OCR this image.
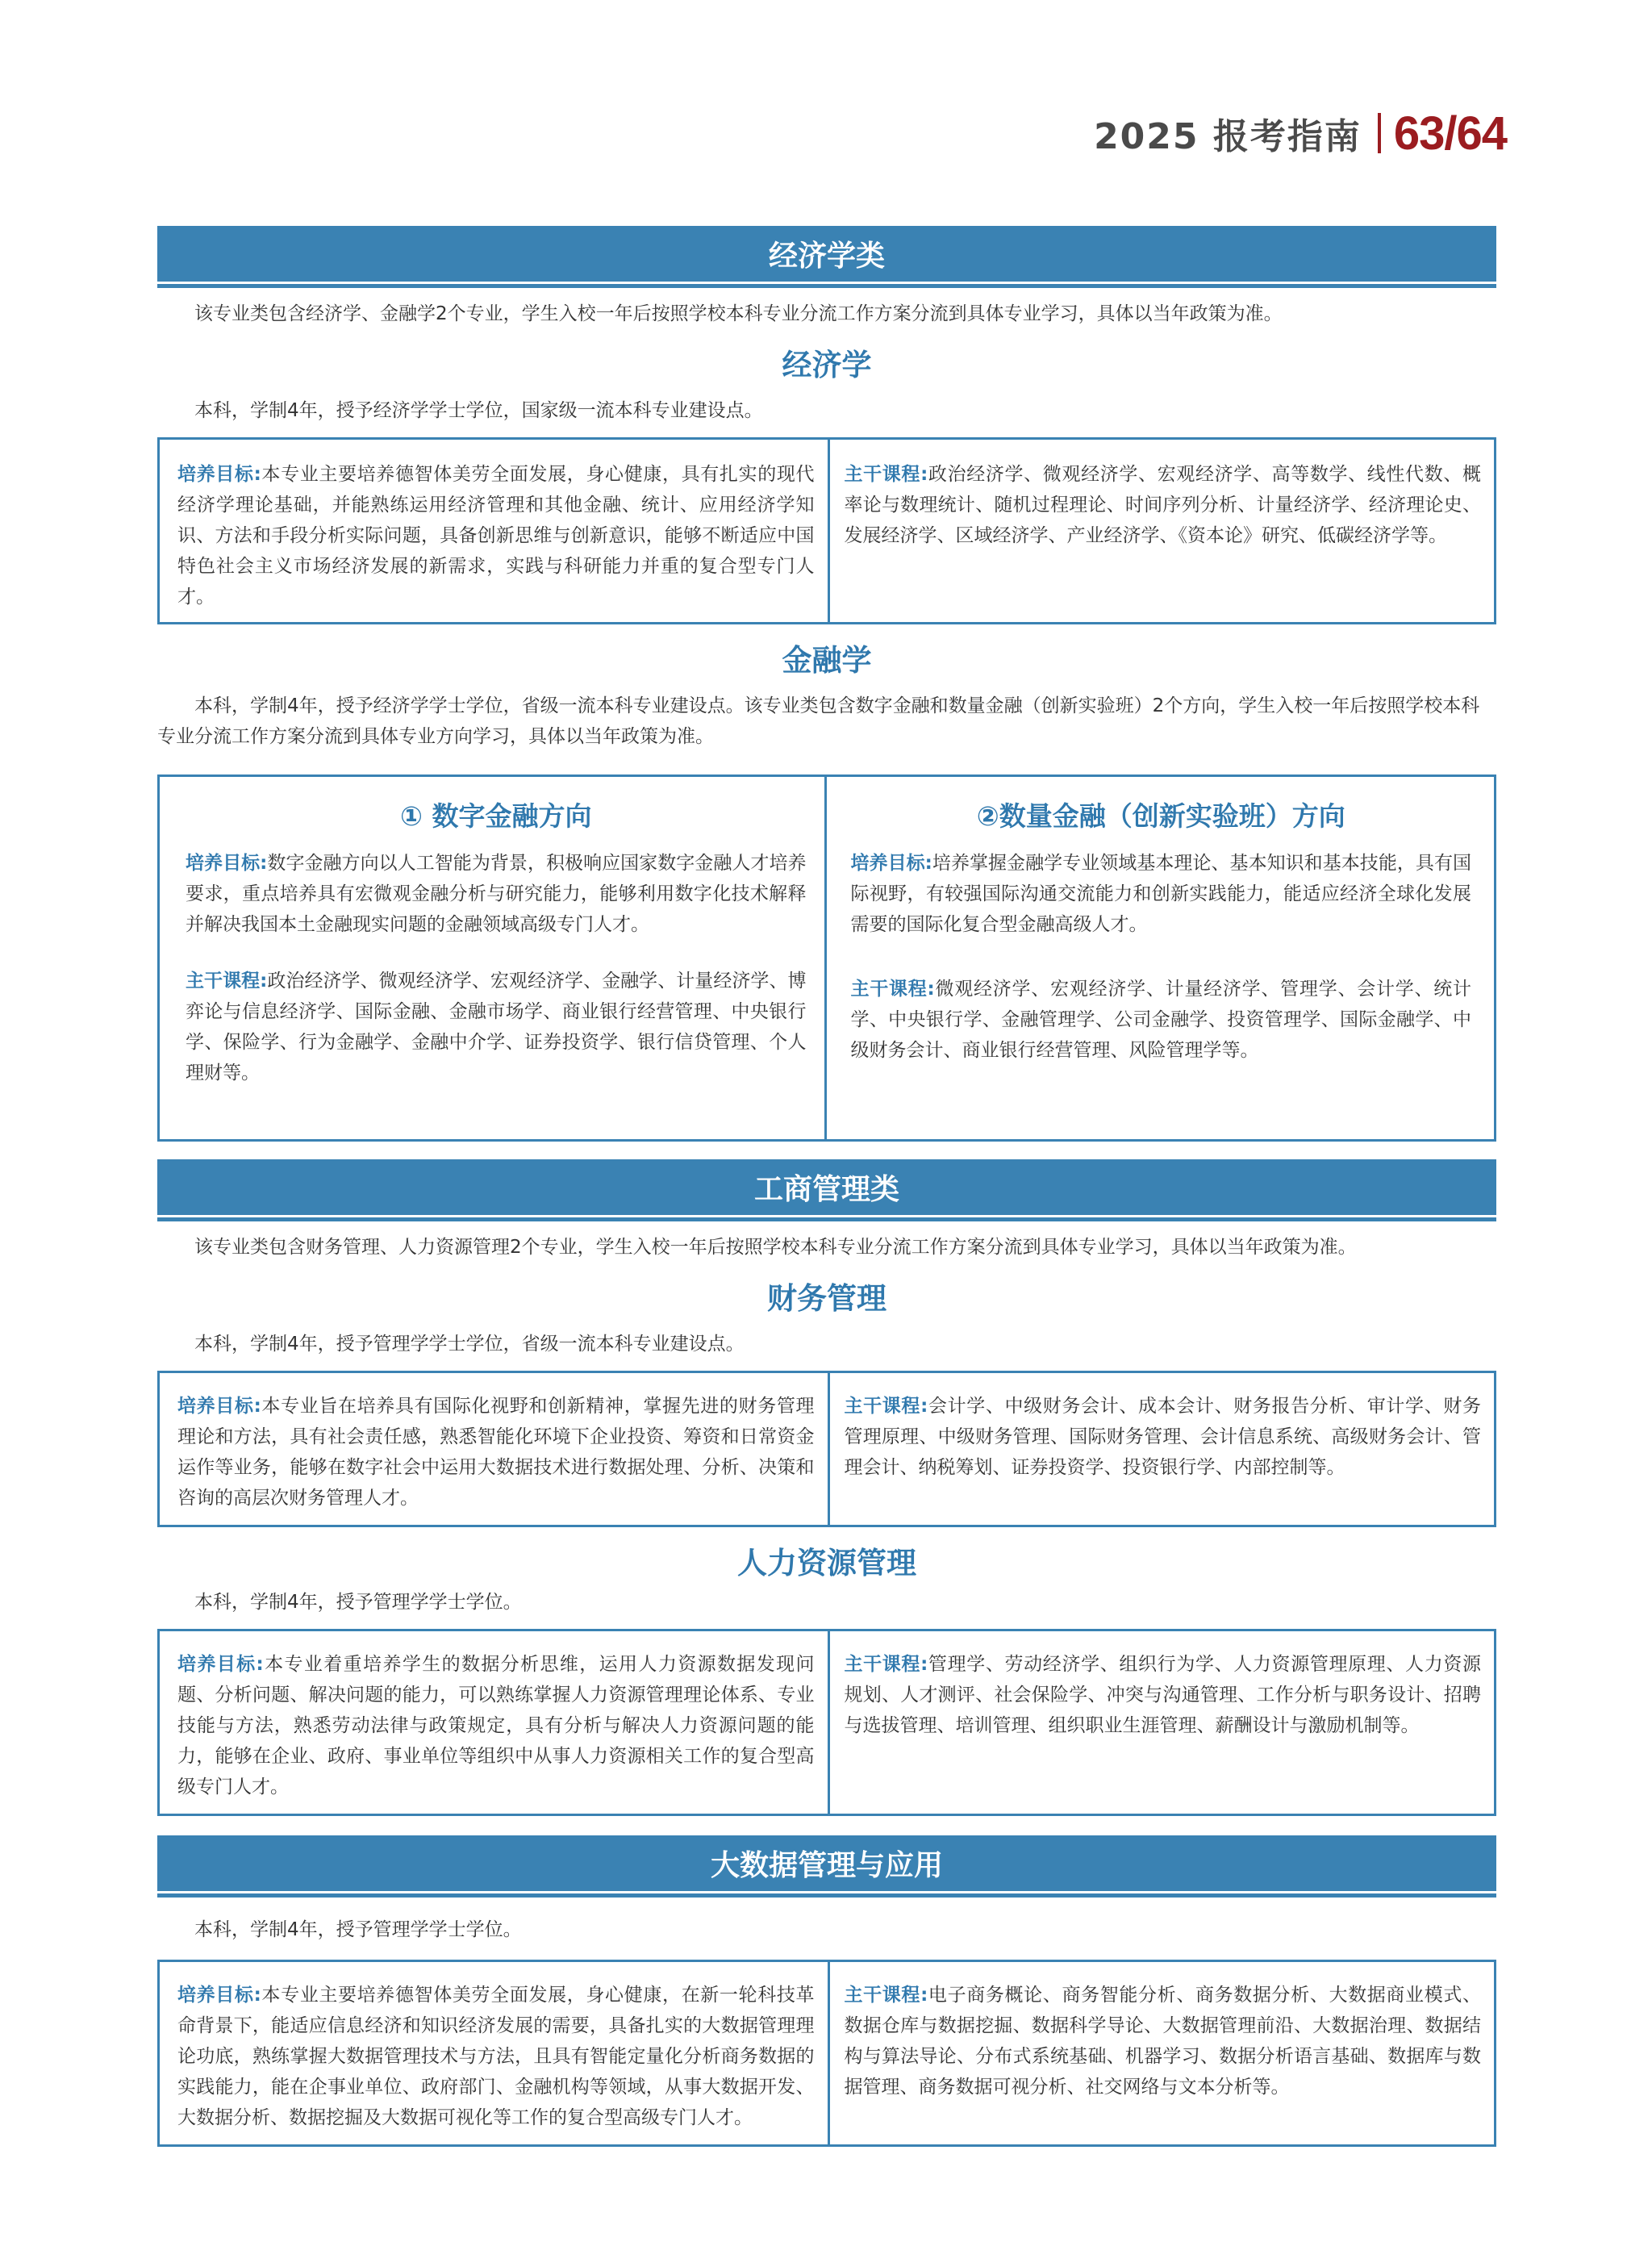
2025 报考指南 63/64
经济学类

该专业类包含经济学、金融学2个专业，学生入校一年后按照学校本科专业分流工作方案分流到具体专业学习，具体以当年政策为准。

经济学

本科，学制4年，授予经济学学士学位，国家级一流本科专业建设点。

培养目标:本专业主要培养德智体美劳全面发展，身心健康，具有扎实的现代经济学理论基础，并能熟练运用经济管理和其他金融、统计、应用经济学知识、方法和手段分析实际问题，具备创新思维与创新意识，能够不断适应中国特色社会主义市场经济发展的新需求，实践与科研能力并重的复合型专门人才。
主干课程:政治经济学、微观经济学、宏观经济学、高等数学、线性代数、概率论与数理统计、随机过程理论、时间序列分析、计量经济学、经济理论史、发展经济学、区域经济学、产业经济学、《资本论》研究、低碳经济学等。
金融学

本科，学制4年，授予经济学学士学位，省级一流本科专业建设点。该专业类包含数字金融和数量金融（创新实验班）2个方向，学生入校一年后按照学校本科专业分流工作方案分流到具体专业方向学习，具体以当年政策为准。

① 数字金融方向

培养目标:数字金融方向以人工智能为背景，积极响应国家数字金融人才培养要求，重点培养具有宏微观金融分析与研究能力，能够利用数字化技术解释并解决我国本土金融现实问题的金融领域高级专门人才。

主干课程:政治经济学、微观经济学、宏观经济学、金融学、计量经济学、博弈论与信息经济学、国际金融、金融市场学、商业银行经营管理、中央银行学、保险学、行为金融学、金融中介学、证券投资学、银行信贷管理、个人理财等。

②数量金融（创新实验班）方向

培养目标:培养掌握金融学专业领域基本理论、基本知识和基本技能，具有国际视野，有较强国际沟通交流能力和创新实践能力，能适应经济全球化发展需要的国际化复合型金融高级人才。

主干课程:微观经济学、宏观经济学、计量经济学、管理学、会计学、统计学、中央银行学、金融管理学、公司金融学、投资管理学、国际金融学、中级财务会计、商业银行经营管理、风险管理学等。

工商管理类

该专业类包含财务管理、人力资源管理2个专业，学生入校一年后按照学校本科专业分流工作方案分流到具体专业学习，具体以当年政策为准。

财务管理

本科，学制4年，授予管理学学士学位，省级一流本科专业建设点。

培养目标:本专业旨在培养具有国际化视野和创新精神，掌握先进的财务管理理论和方法，具有社会责任感，熟悉智能化环境下企业投资、筹资和日常资金运作等业务，能够在数字社会中运用大数据技术进行数据处理、分析、决策和咨询的高层次财务管理人才。
主干课程:会计学、中级财务会计、成本会计、财务报告分析、审计学、财务管理原理、中级财务管理、国际财务管理、会计信息系统、高级财务会计、管理会计、纳税筹划、证券投资学、投资银行学、内部控制等。
人力资源管理

本科，学制4年，授予管理学学士学位。

培养目标:本专业着重培养学生的数据分析思维，运用人力资源数据发现问题、分析问题、解决问题的能力，可以熟练掌握人力资源管理理论体系、专业技能与方法，熟悉劳动法律与政策规定，具有分析与解决人力资源问题的能力，能够在企业、政府、事业单位等组织中从事人力资源相关工作的复合型高级专门人才。
主干课程:管理学、劳动经济学、组织行为学、人力资源管理原理、人力资源规划、人才测评、社会保险学、冲突与沟通管理、工作分析与职务设计、招聘与选拔管理、培训管理、组织职业生涯管理、薪酬设计与激励机制等。
大数据管理与应用

本科，学制4年，授予管理学学士学位。

培养目标:本专业主要培养德智体美劳全面发展，身心健康，在新一轮科技革命背景下，能适应信息经济和知识经济发展的需要，具备扎实的大数据管理理论功底，熟练掌握大数据管理技术与方法，且具有智能定量化分析商务数据的实践能力，能在企事业单位、政府部门、金融机构等领域，从事大数据开发、大数据分析、数据挖掘及大数据可视化等工作的复合型高级专门人才。
主干课程:电子商务概论、商务智能分析、商务数据分析、大数据商业模式、数据仓库与数据挖掘、数据科学导论、大数据管理前沿、大数据治理、数据结构与算法导论、分布式系统基础、机器学习、数据分析语言基础、数据库与数据管理、商务数据可视分析、社交网络与文本分析等。
